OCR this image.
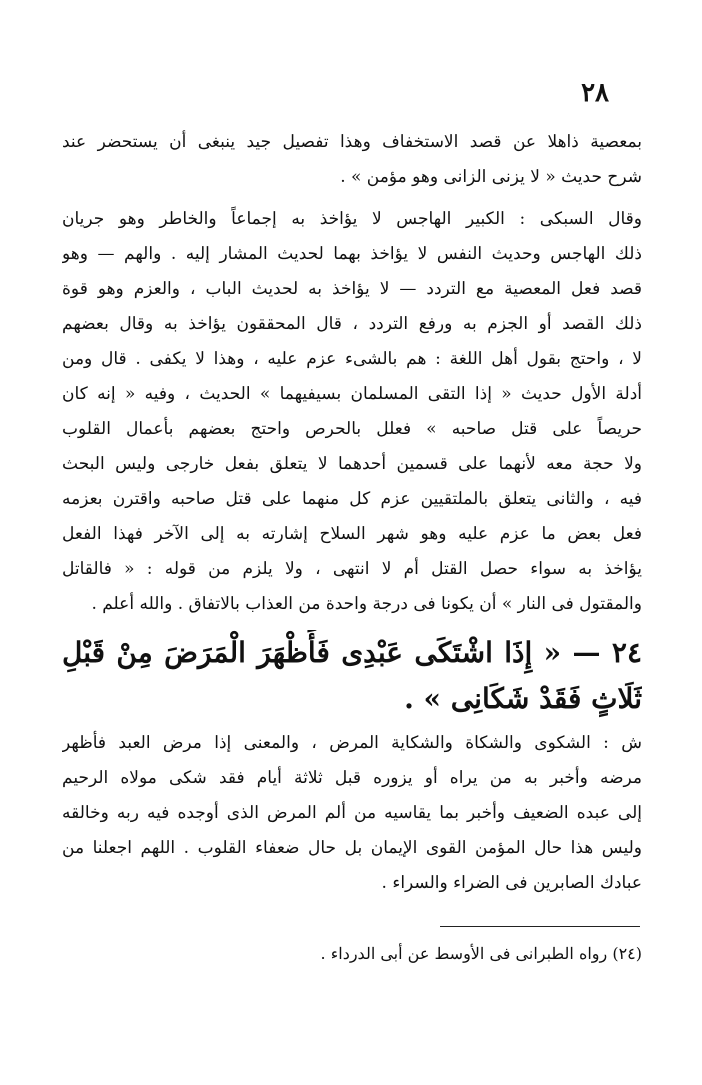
٢٨
بمعصية ذاهلا عن قصد الاستخفاف وهذا تفصيل جيد ينبغى أن يستحضر عند
شرح حديث « لا يزنى الزانى وهو مؤمن » .
وقال السبكى : الكبير الهاجس لا يؤاخذ به إجماعاً والخاطر وهو جريان
ذلك الهاجس وحديث النفس لا يؤاخذ بهما لحديث المشار إليه . والهم — وهو
قصد فعل المعصية مع التردد — لا يؤاخذ به لحديث الباب ، والعزم وهو قوة
ذلك القصد أو الجزم به ورفع التردد ، قال المحققون يؤاخذ به وقال بعضهم
لا ، واحتج بقول أهل اللغة : هم بالشىء عزم عليه ، وهذا لا يكفى . قال ومن
أدلة الأول حديث « إذا التقى المسلمان بسيفيهما » الحديث ، وفيه « إنه كان
حريصاً على قتل صاحبه » فعلل بالحرص واحتج بعضهم بأعمال القلوب
ولا حجة معه لأنهما على قسمين أحدهما لا يتعلق بفعل خارجى وليس البحث
فيه ، والثانى يتعلق بالملتقيين عزم كل منهما على قتل صاحبه واقترن بعزمه
فعل بعض ما عزم عليه وهو شهر السلاح إشارته به إلى الآخر فهذا الفعل
يؤاخذ به سواء حصل القتل أم لا انتهى ، ولا يلزم من قوله : « فالقاتل
والمقتول فى النار » أن يكونا فى درجة واحدة من العذاب بالاتفاق . والله أعلم .
٢٤ — « إِذَا اشْتَكَى عَبْدِى فَأَظْهَرَ الْمَرَضَ مِنْ قَبْلِ
ثَلَاثٍ فَقَدْ شَكَانِى » .
ش : الشكوى والشكاة والشكاية المرض ، والمعنى إذا مرض العبد فأظهر
مرضه وأخبر به من يراه أو يزوره قبل ثلاثة أيام فقد شكى مولاه الرحيم
إلى عبده الضعيف وأخبر بما يقاسيه من ألم المرض الذى أوجده فيه ربه وخالقه
وليس هذا حال المؤمن القوى الإيمان بل حال ضعفاء القلوب . اللهم اجعلنا من
عبادك الصابرين فى الضراء والسراء .
(٢٤) رواه الطبرانى فى الأوسط عن أبى الدرداء .
